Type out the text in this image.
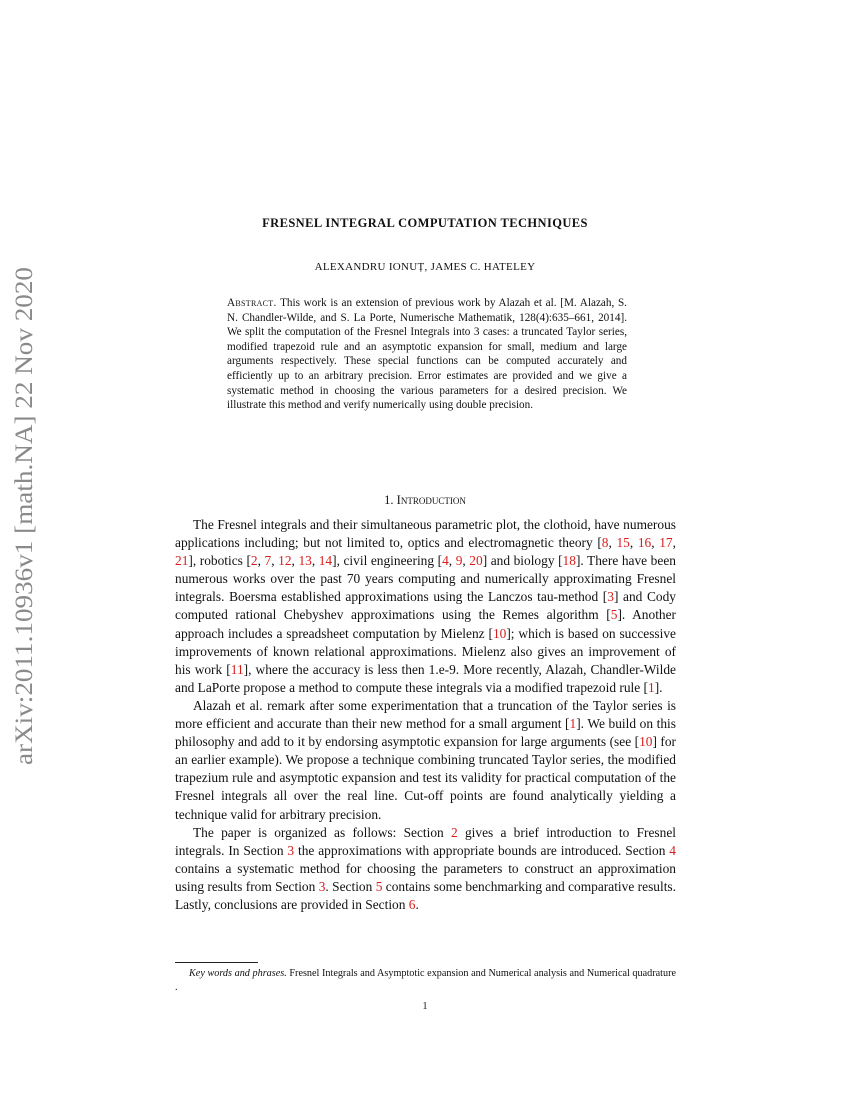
arXiv:2011.10936v1 [math.NA] 22 Nov 2020
FRESNEL INTEGRAL COMPUTATION TECHNIQUES
ALEXANDRU IONUȚ, JAMES C. HATELEY
Abstract. This work is an extension of previous work by Alazah et al. [M. Alazah, S. N. Chandler-Wilde, and S. La Porte, Numerische Mathematik, 128(4):635–661, 2014]. We split the computation of the Fresnel Integrals into 3 cases: a truncated Taylor series, modified trapezoid rule and an asymptotic expansion for small, medium and large arguments respectively. These special functions can be computed accurately and efficiently up to an arbitrary precision. Error estimates are provided and we give a systematic method in choosing the various parameters for a desired precision. We illustrate this method and verify numerically using double precision.
1. Introduction

The Fresnel integrals and their simultaneous parametric plot, the clothoid, have numerous applications including; but not limited to, optics and electromagnetic theory [8, 15, 16, 17, 21], robotics [2, 7, 12, 13, 14], civil engineering [4, 9, 20] and biology [18]. There have been numerous works over the past 70 years computing and numerically approximating Fresnel integrals. Boersma established approximations using the Lanczos tau-method [3] and Cody computed rational Chebyshev approximations using the Remes algorithm [5]. Another approach includes a spreadsheet computation by Mielenz [10]; which is based on successive improvements of known relational approximations. Mielenz also gives an improvement of his work [11], where the accuracy is less then 1.e-9. More recently, Alazah, Chandler-Wilde and LaPorte propose a method to compute these integrals via a modified trapezoid rule [1].

Alazah et al. remark after some experimentation that a truncation of the Taylor series is more efficient and accurate than their new method for a small argument [1]. We build on this philosophy and add to it by endorsing asymptotic expansion for large arguments (see [10] for an earlier example). We propose a technique combining truncated Taylor series, the modified trapezium rule and asymptotic expansion and test its validity for practical computation of the Fresnel integrals all over the real line. Cut-off points are found analytically yielding a technique valid for arbitrary precision.

The paper is organized as follows: Section 2 gives a brief introduction to Fresnel integrals. In Section 3 the approximations with appropriate bounds are introduced. Section 4 contains a systematic method for choosing the parameters to construct an approximation using results from Section 3. Section 5 contains some benchmarking and comparative results. Lastly, conclusions are provided in Section 6.

Key words and phrases. Fresnel Integrals and Asymptotic expansion and Numerical analysis and Numerical quadrature .
1
